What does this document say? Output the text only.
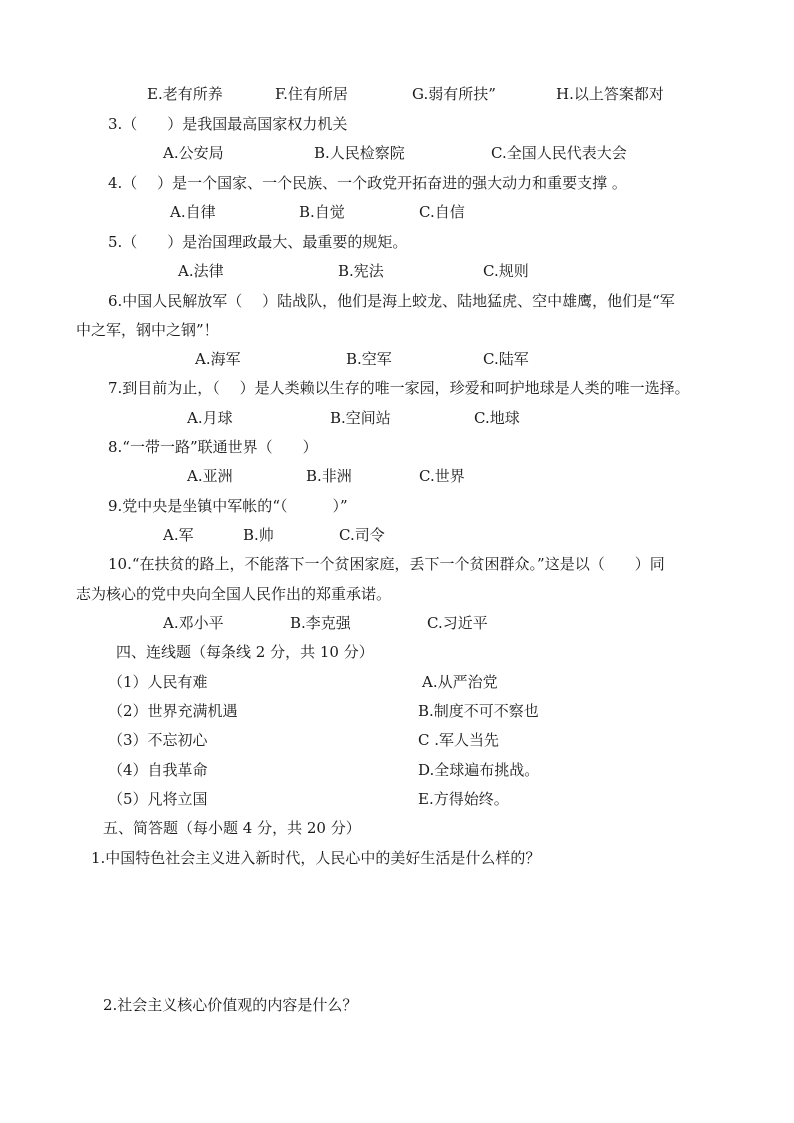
E.老有所养	F.住有所居	G.弱有所扶”	H.以上答案都对
3.（　　）是我国最高国家权力机关
A.公安局	B.人民检察院	C.全国人民代表大会
4.（　 ）是一个国家、一个民族、一个政党开拓奋进的强大动力和重要支撑 。
A.自律	B.自觉	C.自信
5.（　　）是治国理政最大、最重要的规矩。
A.法律	B.宪法	C.规则
6.中国人民解放军（　 ）陆战队，他们是海上蛟龙、陆地猛虎、空中雄鹰，他们是“军
中之军，钢中之钢”！
A.海军	B.空军	C.陆军
7.到目前为止，（　 ）是人类赖以生存的唯一家园，珍爱和呵护地球是人类的唯一选择。
A.月球	B.空间站	C.地球
8.“一带一路”联通世界（　　）
A.亚洲	B.非洲	C.世界
9.党中央是坐镇中军帐的“（　　　）”
A.军	B.帅	C.司令
10.“在扶贫的路上，不能落下一个贫困家庭，丢下一个贫困群众。”这是以（　　）同
志为核心的党中央向全国人民作出的郑重承诺。
A.邓小平	B.李克强	C.习近平
四、连线题（每条线 2 分，共 10 分）
（1）人民有难	A.从严治党
（2）世界充满机遇	B.制度不可不察也
（3）不忘初心	C .军人当先
（4）自我革命	D.全球遍布挑战。
（5）凡将立国	E.方得始终。
五、简答题（每小题 4 分，共 20 分）
1.中国特色社会主义进入新时代，人民心中的美好生活是什么样的？
2.社会主义核心价值观的内容是什么？
